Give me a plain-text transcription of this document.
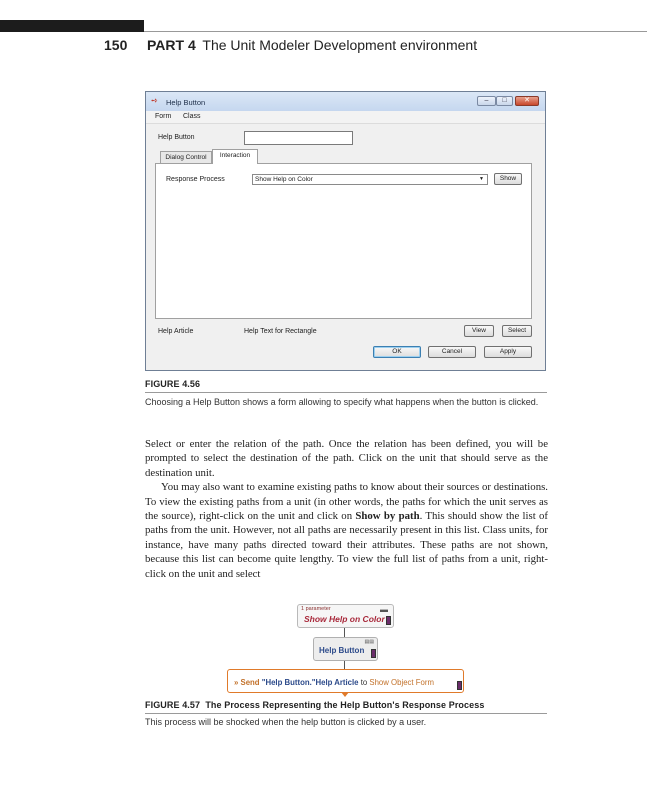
150 PART 4 The Unit Modeler Development environment
➺ Help Button	–	□	✕
Form Class
Help Button
Dialog Control	Interaction
Response Process	Show Help on Color	▼	Show
Help Article	Help Text for Rectangle	View	Select
OK	Cancel	Apply
FIGURE 4.56
Choosing a Help Button shows a form allowing to specify what happens when the button is clicked.

Select or enter the relation of the path. Once the relation has been defined, you will be prompted to select the destination of the path. Click on the unit that should serve as the destination unit.

You may also want to examine existing paths to know about their sources or destinations. To view the existing paths from a unit (in other words, the paths for which the unit serves as the source), right-click on the unit and click on Show by path. This should show the list of paths from the unit. However, not all paths are necessarily present in this list. Class units, for instance, have many paths directed toward their attributes. These paths are not shown, because this list can become quite lengthy. To view the full list of paths from a unit, right-click on the unit and select

1 parameter	▬
Show Help on Color
▤▤
Help Button
» Send "Help Button."Help Article to Show Object Form
FIGURE 4.57 The Process Representing the Help Button's Response Process
This process will be shocked when the help button is clicked by a user.
